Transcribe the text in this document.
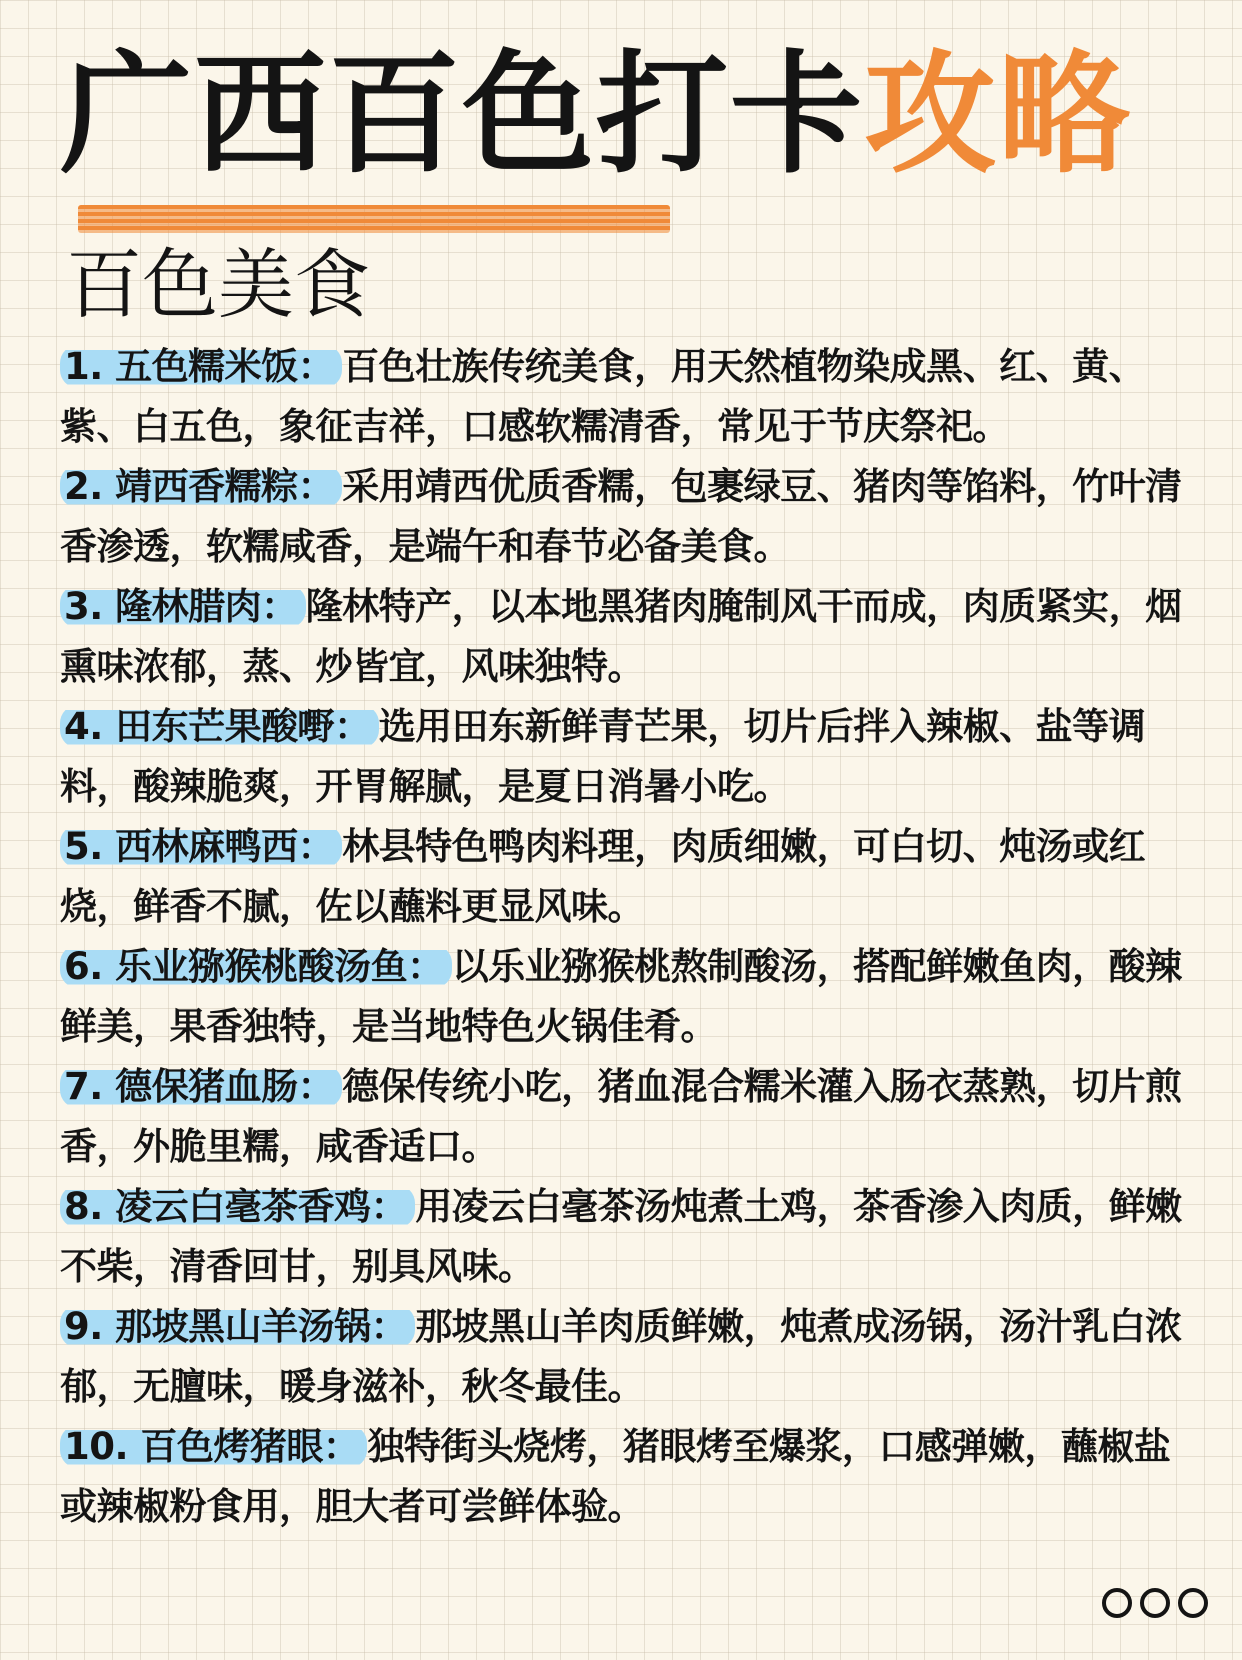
广西百色打卡攻略
百色美食
1. 五色糯米饭： 百色壮族传统美食，用天然植物染成黑、红、黄、紫、白五色，象征吉祥，口感软糯清香，常见于节庆祭祀。
2. 靖西香糯粽： 采用靖西优质香糯，包裹绿豆、猪肉等馅料，竹叶清香渗透，软糯咸香，是端午和春节必备美食。
3. 隆林腊肉： 隆林特产，以本地黑猪肉腌制风干而成，肉质紧实，烟熏味浓郁，蒸、炒皆宜，风味独特。
4. 田东芒果酸嘢： 选用田东新鲜青芒果，切片后拌入辣椒、盐等调料，酸辣脆爽，开胃解腻，是夏日消暑小吃。
5. 西林麻鸭西： 林县特色鸭肉料理，肉质细嫩，可白切、炖汤或红烧，鲜香不腻，佐以蘸料更显风味。
6. 乐业猕猴桃酸汤鱼： 以乐业猕猴桃熬制酸汤，搭配鲜嫩鱼肉，酸辣鲜美，果香独特，是当地特色火锅佳肴。
7. 德保猪血肠： 德保传统小吃，猪血混合糯米灌入肠衣蒸熟，切片煎香，外脆里糯，咸香适口。
8. 凌云白毫茶香鸡： 用凌云白毫茶汤炖煮土鸡，茶香渗入肉质，鲜嫩不柴，清香回甘，别具风味。
9. 那坡黑山羊汤锅： 那坡黑山羊肉质鲜嫩，炖煮成汤锅，汤汁乳白浓郁，无膻味，暖身滋补，秋冬最佳。
10. 百色烤猪眼： 独特街头烧烤，猪眼烤至爆浆，口感弹嫩，蘸椒盐或辣椒粉食用，胆大者可尝鲜体验。
